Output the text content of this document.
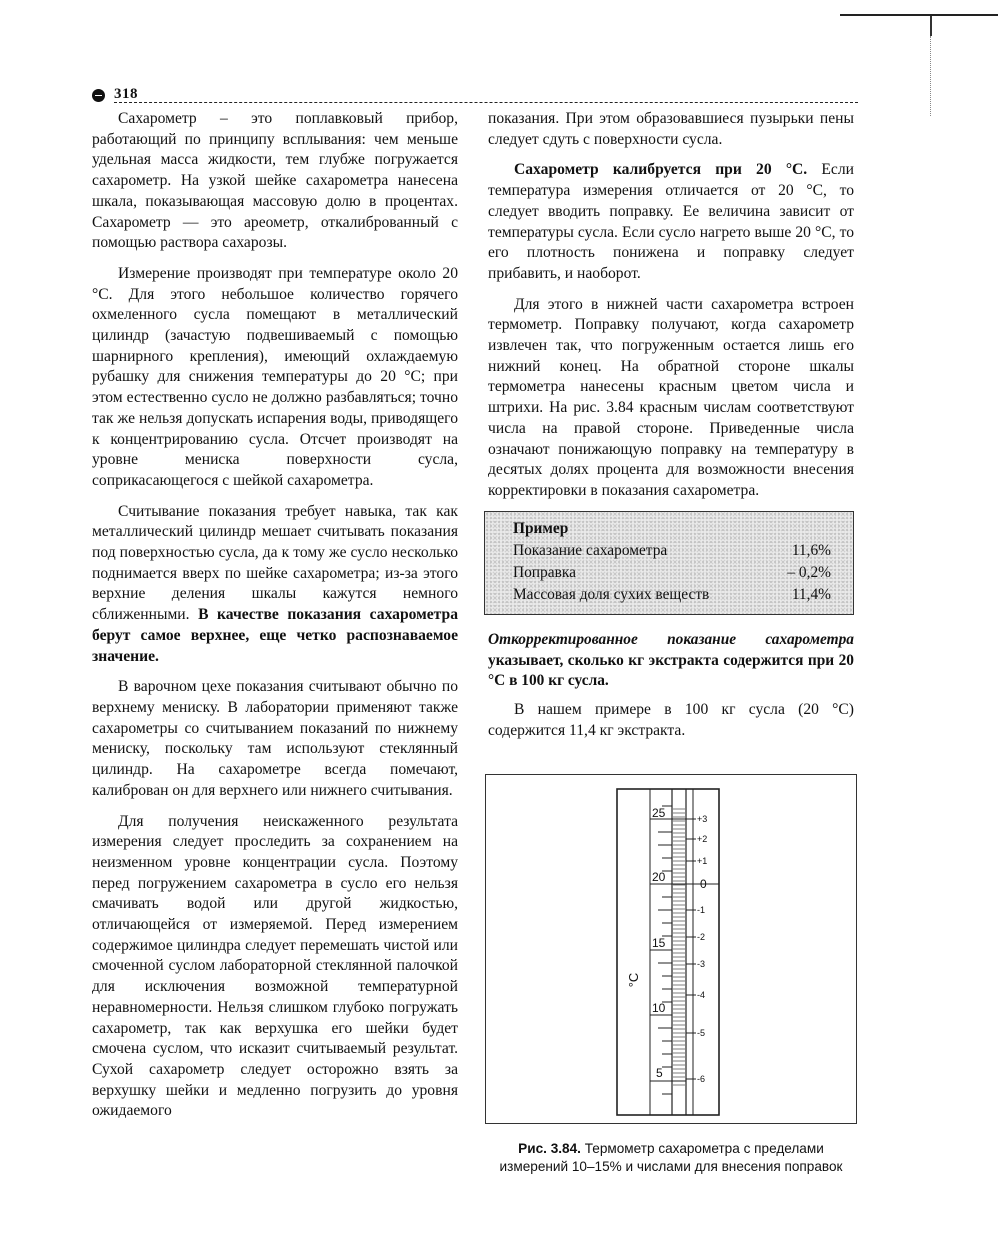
318

Сахарометр – это поплавковый прибор, работающий по принципу всплывания: чем меньше удельная масса жидкости, тем глубже погружается сахарометр. На узкой шейке сахарометра нанесена шкала, показывающая массовую долю в процентах. Сахарометр — это ареометр, откалиброванный с помощью раствора сахарозы.

Измерение производят при температуре около 20 °С. Для этого небольшое количество горячего охмеленного сусла помещают в металлический цилиндр (зачастую подвешиваемый с помощью шарнирного крепления), имеющий охлаждаемую рубашку для снижения температуры до 20 °С; при этом естественно сусло не должно разбавляться; точно так же нельзя допускать испарения воды, приводящего к концентрированию сусла. Отсчет производят на уровне мениска поверхности сусла, соприкасающегося с шейкой сахарометра.

Считывание показания требует навыка, так как металлический цилиндр мешает считывать показания под поверхностью сусла, да к тому же сусло несколько поднимается вверх по шейке сахарометра; из-за этого верхние деления шкалы кажутся немного сближенными. В качестве показания сахарометра берут самое верхнее, еще четко распознаваемое значение.

В варочном цехе показания считывают обычно по верхнему мениску. В лаборатории применяют также сахарометры со считыванием показаний по нижнему мениску, поскольку там используют стеклянный цилиндр. На сахарометре всегда помечают, калиброван он для верхнего или нижнего считывания.

Для получения неискаженного результата измерения следует проследить за сохранением на неизменном уровне концентрации сусла. Поэтому перед погружением сахарометра в сусло его нельзя смачивать водой или другой жидкостью, отличающейся от измеряемой. Перед измерением содержимое цилиндра следует перемешать чистой или смоченной суслом лабораторной стеклянной палочкой для исключения возможной температурной неравномерности. Нельзя слишком глубоко погружать сахарометр, так как верхушка его шейки будет смочена суслом, что исказит считываемый результат. Сухой сахарометр следует осторожно взять за верхушку шейки и медленно погрузить до уровня ожидаемого

показания. При этом образовавшиеся пузырьки пены следует сдуть с поверхности сусла.

Сахарометр калибруется при 20 °С. Если температура измерения отличается от 20 °С, то следует вводить поправку. Ее величина зависит от температуры сусла. Если сусло нагрето выше 20 °С, то его плотность понижена и поправку следует прибавить, и наоборот.

Для этого в нижней части сахарометра встроен термометр. Поправку получают, когда сахарометр извлечен так, что погруженным остается лишь его нижний конец. На обратной стороне шкалы термометра нанесены красным цветом числа и штрихи. На рис. 3.84 красным числам соответствуют числа на правой стороне. Приведенные числа означают понижающую поправку на температуру в десятых долях процента для возможности внесения корректировки в показания сахарометра.

Пример
Показание сахарометра	11,6%
Поправка	– 0,2%
Массовая доля сухих веществ	11,4%
Откорректированное показание сахарометра указывает, сколько кг экстракта содержится при 20 °С в 100 кг сусла.

В нашем примере в 100 кг сусла (20 °С) содержится 11,4 кг экстракта.

25
20
15
10
5
+3
+2
+1
0
-1
-2
-3
-4
-5
-6
°C
Рис. 3.84. Термометр сахарометра с пределами измерений 10–15% и числами для внесения поправок
